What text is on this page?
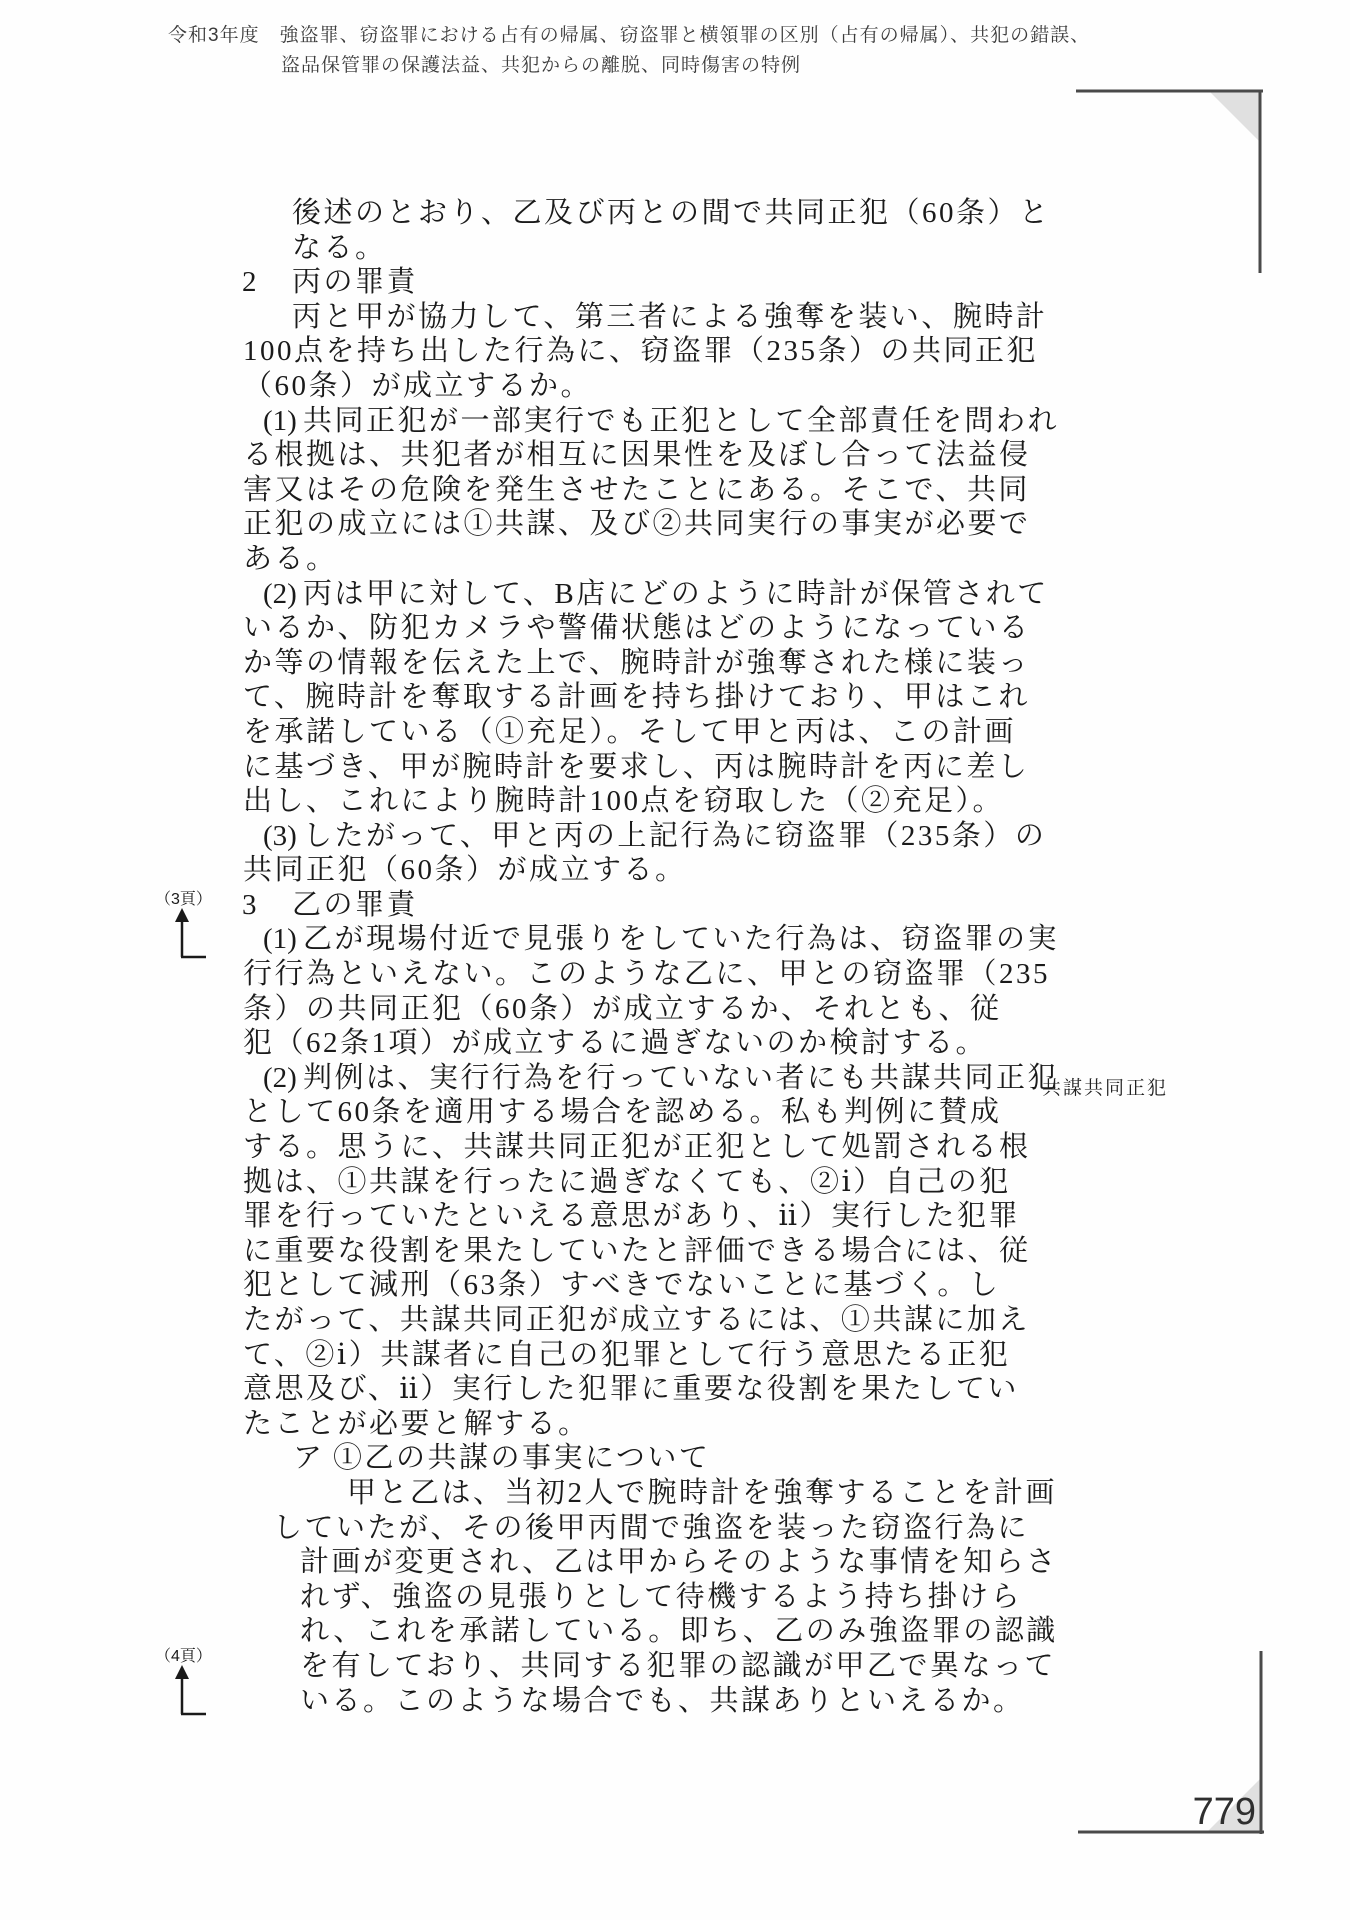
令和3年度　強盗罪、窃盗罪における占有の帰属、窃盗罪と横領罪の区別（占有の帰属）、共犯の錯誤、
盗品保管罪の保護法益、共犯からの離脱、同時傷害の特例
後述のとおり、乙及び丙との間で共同正犯（60条）と
なる。
2 丙の罪責
丙と甲が協力して、第三者による強奪を装い、腕時計
100点を持ち出した行為に、窃盗罪（235条）の共同正犯
（60条）が成立するか。
(1) 共同正犯が一部実行でも正犯として全部責任を問われ
る根拠は、共犯者が相互に因果性を及ぼし合って法益侵
害又はその危険を発生させたことにある。そこで、共同
正犯の成立には①共謀、及び②共同実行の事実が必要で
ある。
(2) 丙は甲に対して、B店にどのように時計が保管されて
いるか、防犯カメラや警備状態はどのようになっている
か等の情報を伝えた上で、腕時計が強奪された様に装っ
て、腕時計を奪取する計画を持ち掛けており、甲はこれ
を承諾している（①充足）。そして甲と丙は、この計画
に基づき、甲が腕時計を要求し、丙は腕時計を丙に差し
出し、これにより腕時計100点を窃取した（②充足）。
(3) したがって、甲と丙の上記行為に窃盗罪（235条）の
共同正犯（60条）が成立する。
3 乙の罪責
(1) 乙が現場付近で見張りをしていた行為は、窃盗罪の実
行行為といえない。このような乙に、甲との窃盗罪（235
条）の共同正犯（60条）が成立するか、それとも、従
犯（62条1項）が成立するに過ぎないのか検討する。
(2) 判例は、実行行為を行っていない者にも共謀共同正犯
として60条を適用する場合を認める。私も判例に賛成
する。思うに、共謀共同正犯が正犯として処罰される根
拠は、①共謀を行ったに過ぎなくても、②ⅰ）自己の犯
罪を行っていたといえる意思があり、ⅱ）実行した犯罪
に重要な役割を果たしていたと評価できる場合には、従
犯として減刑（63条）すべきでないことに基づく。し
たがって、共謀共同正犯が成立するには、①共謀に加え
て、②ⅰ）共謀者に自己の犯罪として行う意思たる正犯
意思及び、ⅱ）実行した犯罪に重要な役割を果たしてい
たことが必要と解する。
ア ①乙の共謀の事実について
甲と乙は、当初2人で腕時計を強奪することを計画
していたが、その後甲丙間で強盗を装った窃盗行為に
計画が変更され、乙は甲からそのような事情を知らさ
れず、強盗の見張りとして待機するよう持ち掛けら
れ、これを承諾している。即ち、乙のみ強盗罪の認識
を有しており、共同する犯罪の認識が甲乙で異なって
いる。このような場合でも、共謀ありといえるか。
（3頁）
（4頁）
共謀共同正犯
779
